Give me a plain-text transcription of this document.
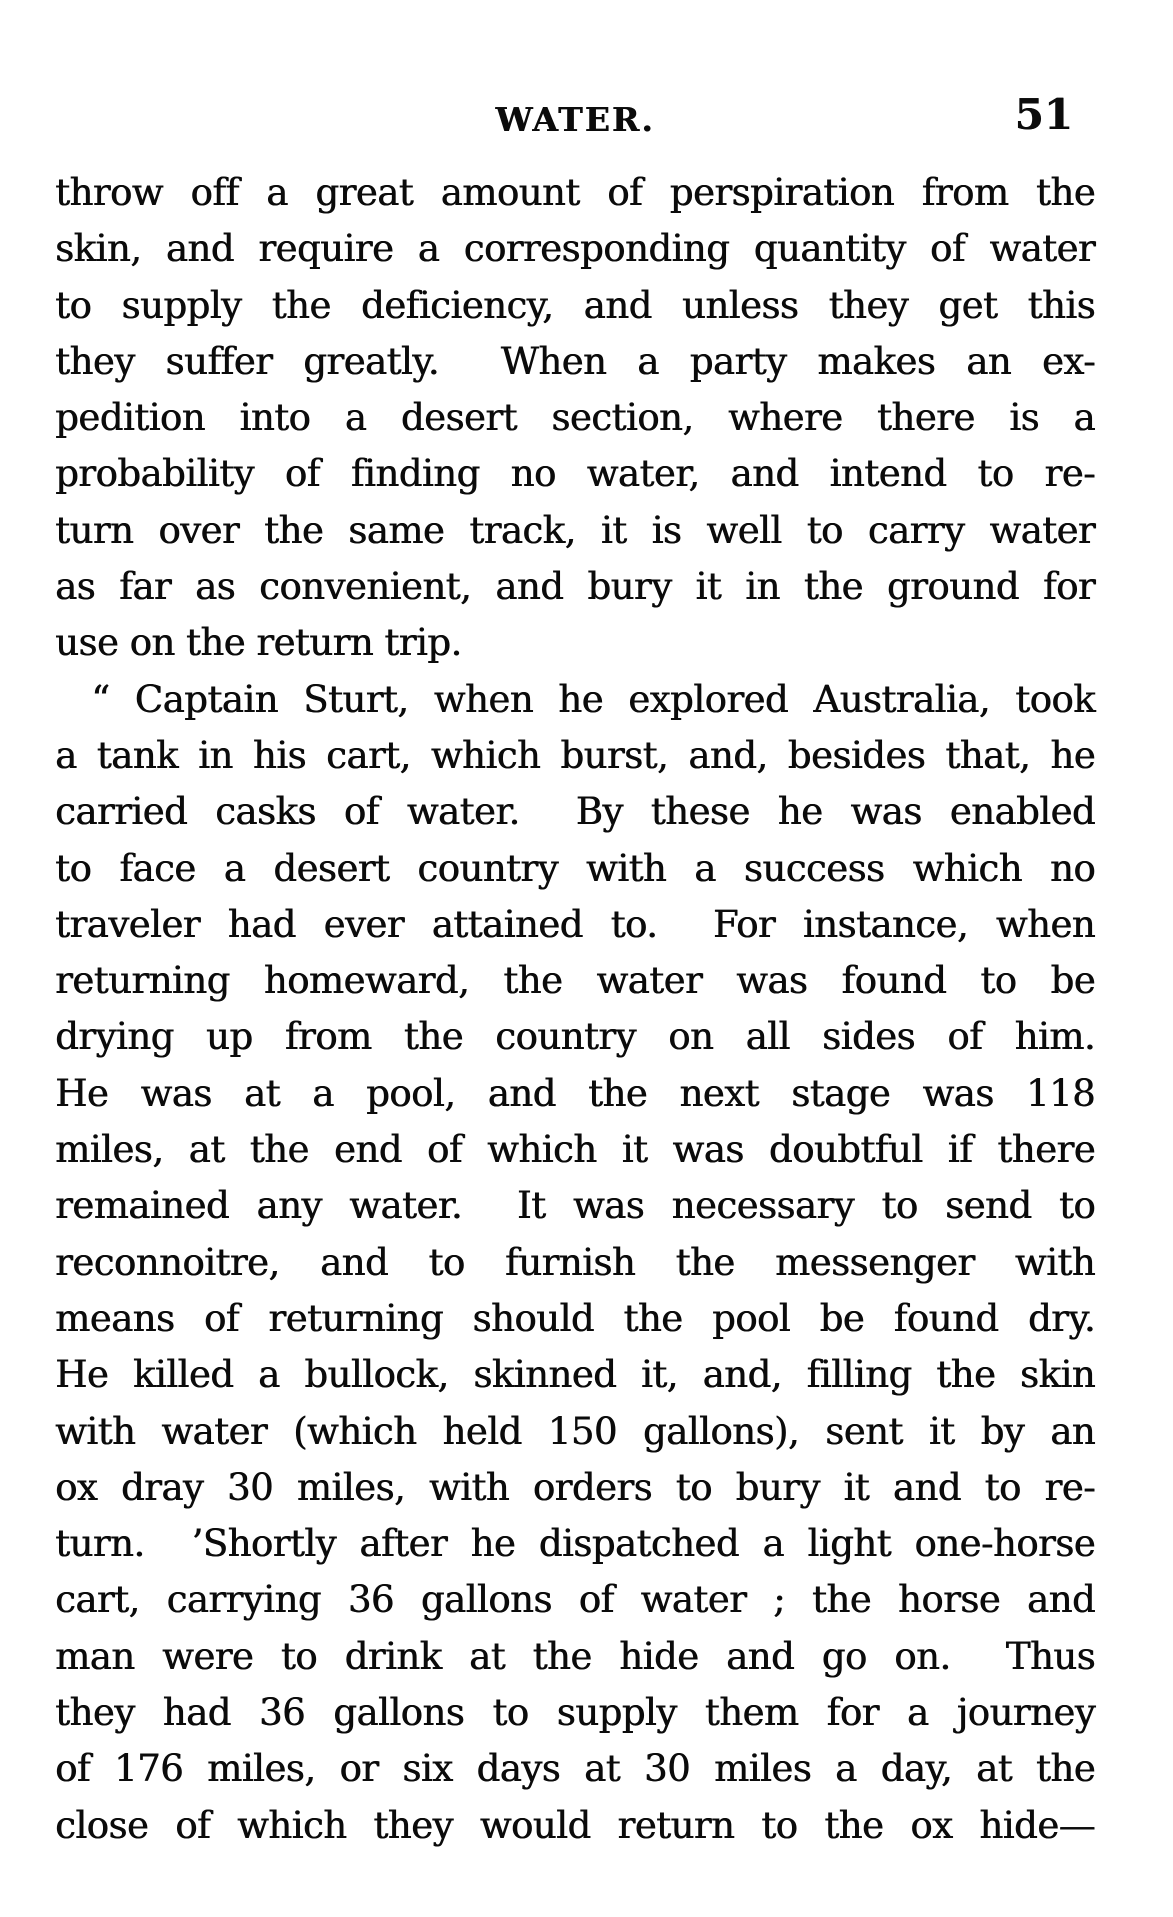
WATER.	51
throw off a great amount of perspiration from the
skin, and require a corresponding quantity of water
to supply the deficiency, and unless they get this
they suffer greatly.  When a party makes an ex-
pedition into a desert section, where there is a
probability of finding no water, and intend to re-
turn over the same track, it is well to carry water
as far as convenient, and bury it in the ground for
use on the return trip.
“ Captain Sturt, when he explored Australia, took
a tank in his cart, which burst, and, besides that, he
carried casks of water.  By these he was enabled
to face a desert country with a success which no
traveler had ever attained to.  For instance, when
returning homeward, the water was found to be
drying up from the country on all sides of him.
He was at a pool, and the next stage was 118
miles, at the end of which it was doubtful if there
remained any water.  It was necessary to send to
reconnoitre, and to furnish the messenger with
means of returning should the pool be found dry.
He killed a bullock, skinned it, and, filling the skin
with water (which held 150 gallons), sent it by an
ox dray 30 miles, with orders to bury it and to re-
turn.  ’Shortly after he dispatched a light one-horse
cart, carrying 36 gallons of water ; the horse and
man were to drink at the hide and go on.  Thus
they had 36 gallons to supply them for a journey
of 176 miles, or six days at 30 miles a day, at the
close of which they would return to the ox hide—
